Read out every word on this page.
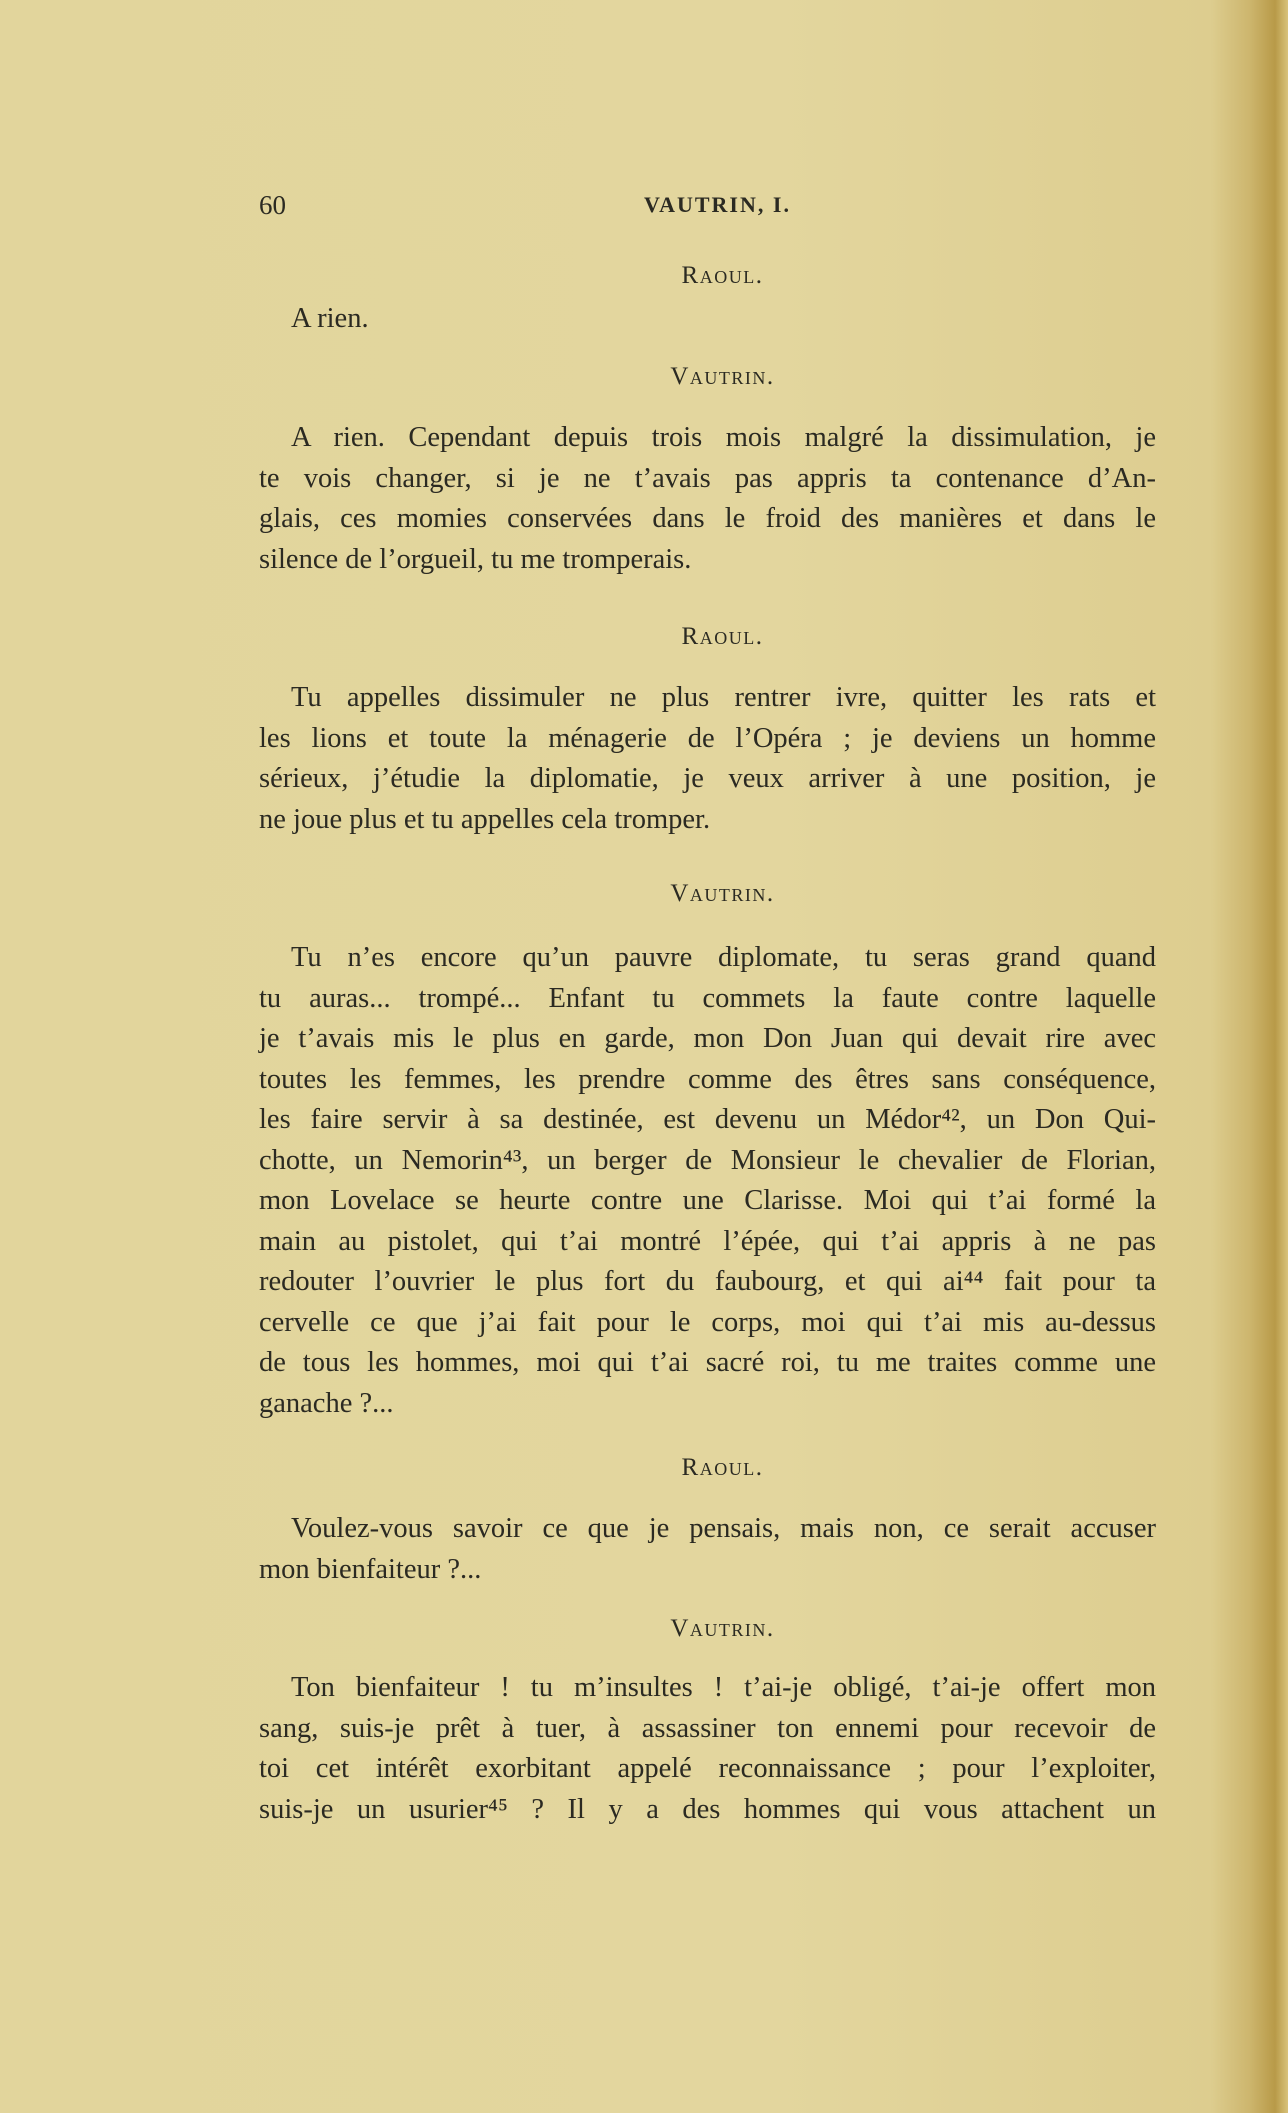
60	VAUTRIN, I.
Raoul.
A rien.
Vautrin.
A rien. Cependant depuis trois mois malgré la dissimulation, je
te vois changer, si je ne t’avais pas appris ta contenance d’An-
glais, ces momies conservées dans le froid des manières et dans le
silence de l’orgueil, tu me tromperais.
Raoul.
Tu appelles dissimuler ne plus rentrer ivre, quitter les rats et
les lions et toute la ménagerie de l’Opéra ; je deviens un homme
sérieux, j’étudie la diplomatie, je veux arriver à une position, je
ne joue plus et tu appelles cela tromper.
Vautrin.
Tu n’es encore qu’un pauvre diplomate, tu seras grand quand
tu auras... trompé... Enfant tu commets la faute contre laquelle
je t’avais mis le plus en garde, mon Don Juan qui devait rire avec
toutes les femmes, les prendre comme des êtres sans conséquence,
les faire servir à sa destinée, est devenu un Médor⁴², un Don Qui-
chotte, un Nemorin⁴³, un berger de Monsieur le chevalier de Florian,
mon Lovelace se heurte contre une Clarisse. Moi qui t’ai formé la
main au pistolet, qui t’ai montré l’épée, qui t’ai appris à ne pas
redouter l’ouvrier le plus fort du faubourg, et qui ai⁴⁴ fait pour ta
cervelle ce que j’ai fait pour le corps, moi qui t’ai mis au-dessus
de tous les hommes, moi qui t’ai sacré roi, tu me traites comme une
ganache ?...
Raoul.
Voulez-vous savoir ce que je pensais, mais non, ce serait accuser
mon bienfaiteur ?...
Vautrin.
Ton bienfaiteur ! tu m’insultes ! t’ai-je obligé, t’ai-je offert mon
sang, suis-je prêt à tuer, à assassiner ton ennemi pour recevoir de
toi cet intérêt exorbitant appelé reconnaissance ; pour l’exploiter,
suis-je un usurier⁴⁵ ? Il y a des hommes qui vous attachent un
